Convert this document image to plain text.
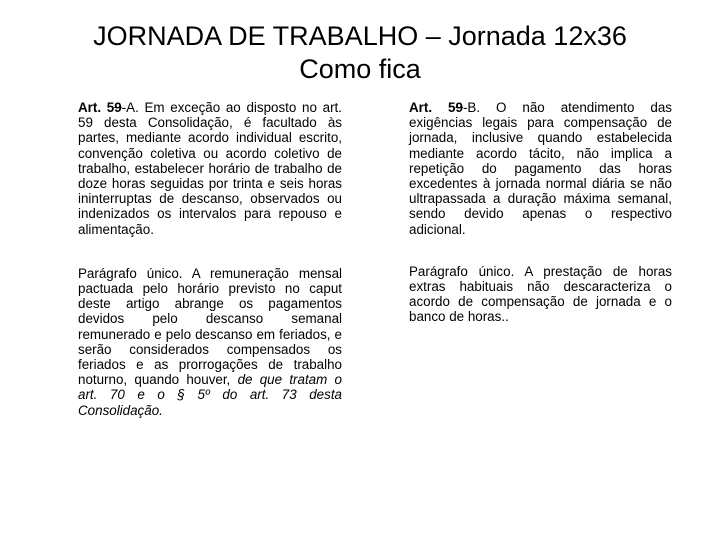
JORNADA DE TRABALHO – Jornada 12x36
Como fica

Art. 59-A. Em exceção ao disposto no art. 59 desta Consolidação, é facultado às partes, mediante acordo individual escrito, convenção coletiva ou acordo coletivo de trabalho, estabelecer horário de trabalho de doze horas seguidas por trinta e seis horas ininterruptas de descanso, observados ou indenizados os intervalos para repouso e alimentação.

Parágrafo único. A remuneração mensal pactuada pelo horário previsto no caput deste artigo abrange os pagamentos devidos pelo descanso semanal remunerado e pelo descanso em feriados, e serão considerados compensados os feriados e as prorrogações de trabalho noturno, quando houver, de que tratam o art. 70 e o § 5º do art. 73 desta Consolidação.

Art. 59-B. O não atendimento das exigências legais para compensação de jornada, inclusive quando estabelecida mediante acordo tácito, não implica a repetição do pagamento das horas excedentes à jornada normal diária se não ultrapassada a duração máxima semanal, sendo devido apenas o respectivo adicional.

Parágrafo único. A prestação de horas extras habituais não descaracteriza o acordo de compensação de jornada e o banco de horas..
